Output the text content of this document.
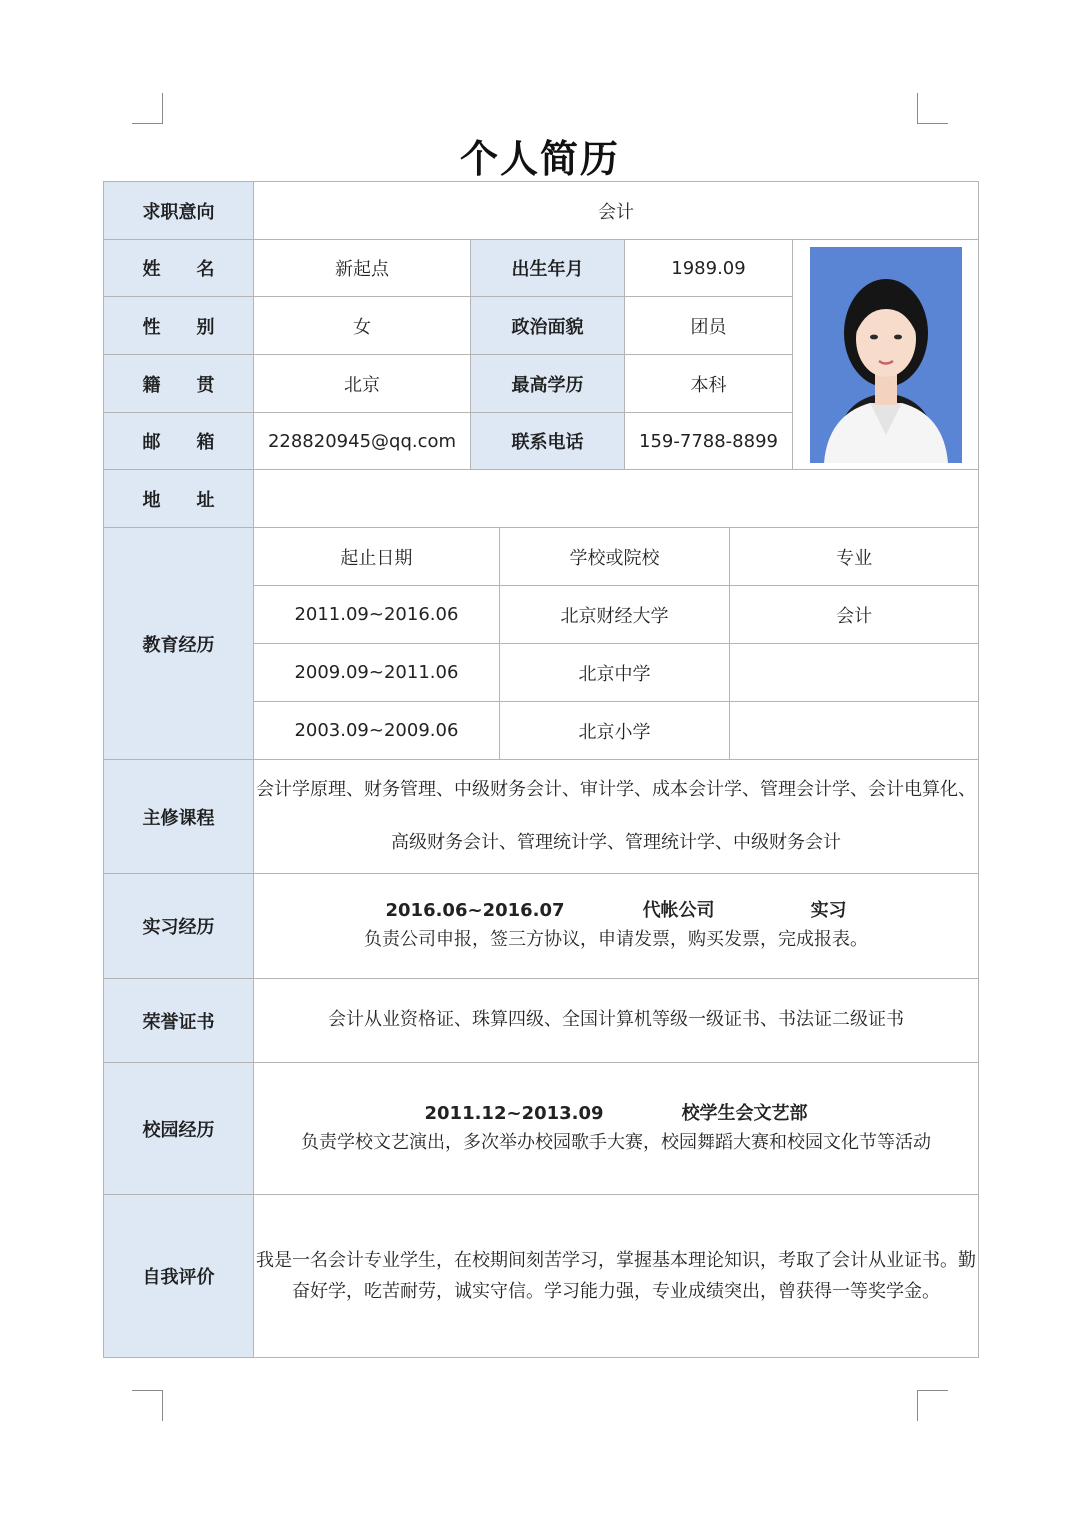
个人简历
求职意向	会计
姓　　名	新起点	出生年月	1989.09	

性　　别	女	政治面貌	团员
籍　　贯	北京	最高学历	本科
邮　　箱	228820945@qq.com	联系电话	159-7788-8899
地　　址	
教育经历	
起止日期	学校或院校	专业
2011.09~2016.06	北京财经大学	会计
2009.09~2011.06	北京中学	
2003.09~2009.06	北京小学	

主修课程	会计学原理、财务管理、中级财务会计、审计学、成本会计学、管理会计学、会计电算化、高级财务会计、管理统计学、管理统计学、中级财务会计
实习经历	
2016.06~2016.07	代帐公司	实习
负责公司申报，签三方协议，申请发票，购买发票，完成报表。

荣誉证书	会计从业资格证、珠算四级、全国计算机等级一级证书、书法证二级证书
校园经历	
2011.12~2013.09	校学生会文艺部
负责学校文艺演出，多次举办校园歌手大赛，校园舞蹈大赛和校园文化节等活动

自我评价	我是一名会计专业学生，在校期间刻苦学习，掌握基本理论知识，考取了会计从业证书。勤奋好学，吃苦耐劳，诚实守信。学习能力强，专业成绩突出，曾获得一等奖学金。
